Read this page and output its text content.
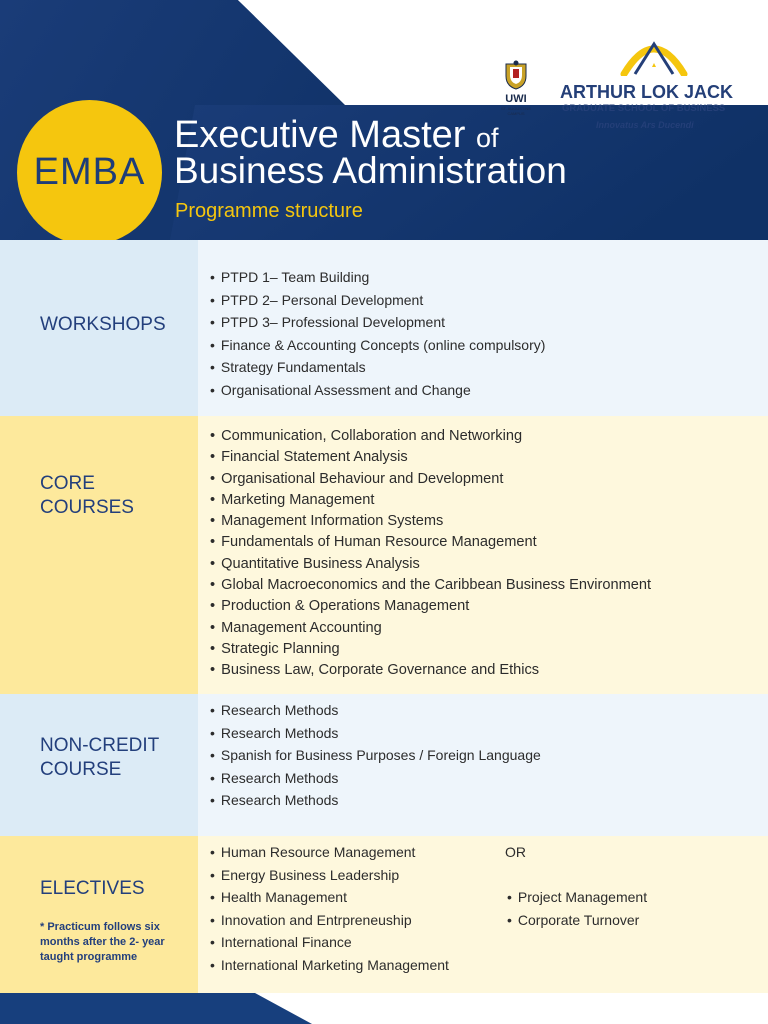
EMBA
Executive Master of
Business Administration
Programme structure
UWI
ST. AUGUSTINE CAMPUS
ARTHUR LOK JACK
GRADUATE SCHOOL OF BUSINESS
Innovatus Ars Ducendi
WORKSHOPS
• PTPD 1– Team Building
• PTPD 2– Personal Development
• PTPD 3– Professional Development
• Finance & Accounting Concepts (online compulsory)
• Strategy Fundamentals
• Organisational Assessment and Change
CORE
COURSES
• Communication, Collaboration and Networking
• Financial Statement Analysis
• Organisational Behaviour and Development
• Marketing Management
• Management Information Systems
• Fundamentals of Human Resource Management
• Quantitative Business Analysis
• Global Macroeconomics and the Caribbean Business Environment
• Production & Operations Management
• Management Accounting
• Strategic Planning
• Business Law, Corporate Governance and Ethics
NON-CREDIT
COURSE
• Research Methods
• Research Methods
• Spanish for Business Purposes / Foreign Language
• Research Methods
• Research Methods
ELECTIVES
* Practicum follows six months after the 2- year taught programme
• Human Resource Management
• Energy Business Leadership
• Health Management
• Innovation and Entrpreneuship
• International Finance
• International Marketing Management
OR
• Project Management
• Corporate Turnover
